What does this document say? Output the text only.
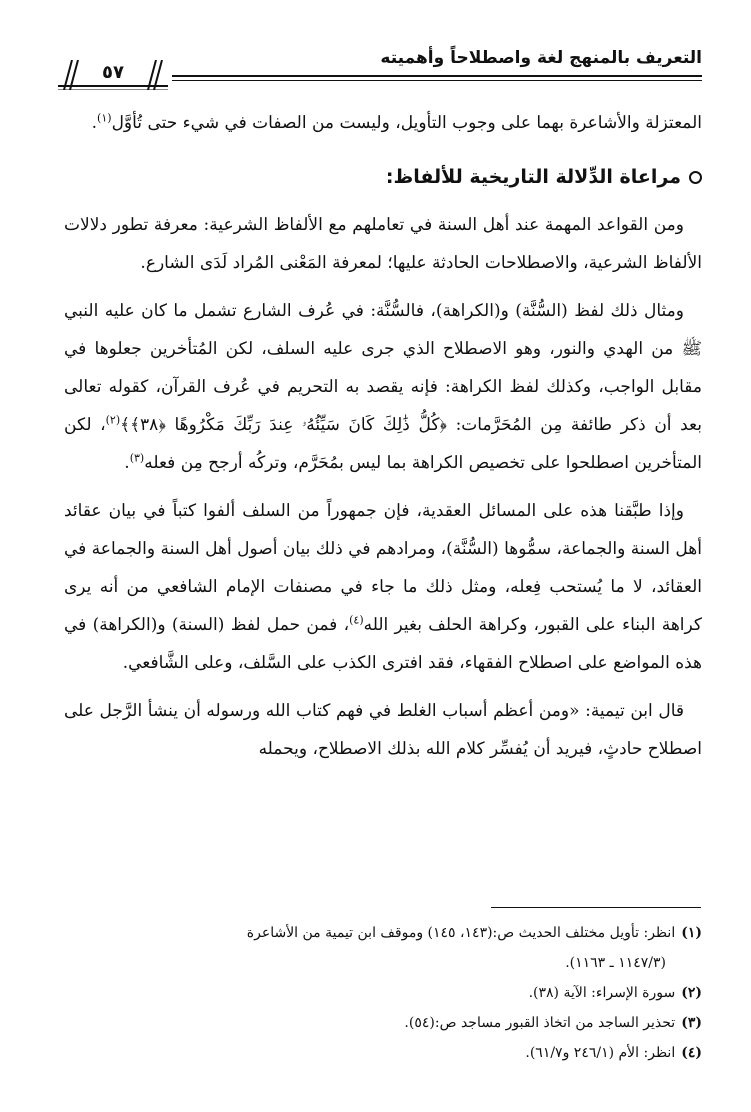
٥٧
التعريف بالمنهج لغة واصطلاحاً وأهميته

المعتزلة والأشاعرة بهما على وجوب التأويل، وليست من الصفات في شيء حتى تُأوَّل$^{(١)}$.

مراعاة الدِّلالة التاريخية للألفاظ:

ومن القواعد المهمة عند أهل السنة في تعاملهم مع الألفاظ الشرعية: معرفة تطور دلالات الألفاظ الشرعية، والاصطلاحات الحادثة عليها؛ لمعرفة المَعْنى المُراد لَدَى الشارع.

ومثال ذلك لفظ (السُّنَّة) و(الكراهة)، فالسُّنَّة: في عُرف الشارع تشمل ما كان عليه النبي ﷺ من الهدي والنور، وهو الاصطلاح الذي جرى عليه السلف، لكن المُتأخرين جعلوها في مقابل الواجب، وكذلك لفظ الكراهة: فإنه يقصد به التحريم في عُرف القرآن، كقوله تعالى بعد أن ذكر طائفة مِن المُحَرَّمات: ﴿كُلُّ ذَٰلِكَ كَانَ سَيِّئُهُۥ عِندَ رَبِّكَ مَكْرُوهًا ﴿٣٨﴾﴾$^{(٢)}$، لكن المتأخرين اصطلحوا على تخصيص الكراهة بما ليس بمُحَرَّم، وتركُه أرجح مِن فعله$^{(٣)}$.

وإذا طبَّقنا هذه على المسائل العقدية، فإن جمهوراً من السلف ألفوا كتباً في بيان عقائد أهل السنة والجماعة، سمُّوها (السُّنَّة)، ومرادهم في ذلك بيان أصول أهل السنة والجماعة في العقائد، لا ما يُستحب فِعله، ومثل ذلك ما جاء في مصنفات الإمام الشافعي من أنه يرى كراهة البناء على القبور، وكراهة الحلف بغير الله$^{(٤)}$، فمن حمل لفظ (السنة) و(الكراهة) في هذه المواضع على اصطلاح الفقهاء، فقد افترى الكذب على السَّلف، وعلى الشَّافعي.

قال ابن تيمية: «ومن أعظم أسباب الغلط في فهم كتاب الله ورسوله أن ينشأ الرَّجل على اصطلاح حادثٍ، فيريد أن يُفسِّر كلام الله بذلك الاصطلاح، ويحمله

(١)انظر: تأويل مختلف الحديث ص:(١٤٣، ١٤٥) وموقف ابن تيمية من الأشاعرة

(١١٤٧/٣ ـ ١١٦٣).

(٢)سورة الإسراء: الآية (٣٨).

(٣)تحذير الساجد من اتخاذ القبور مساجد ص:(٥٤).

(٤)انظر: الأم (٢٤٦/١ و٦١/٧).
